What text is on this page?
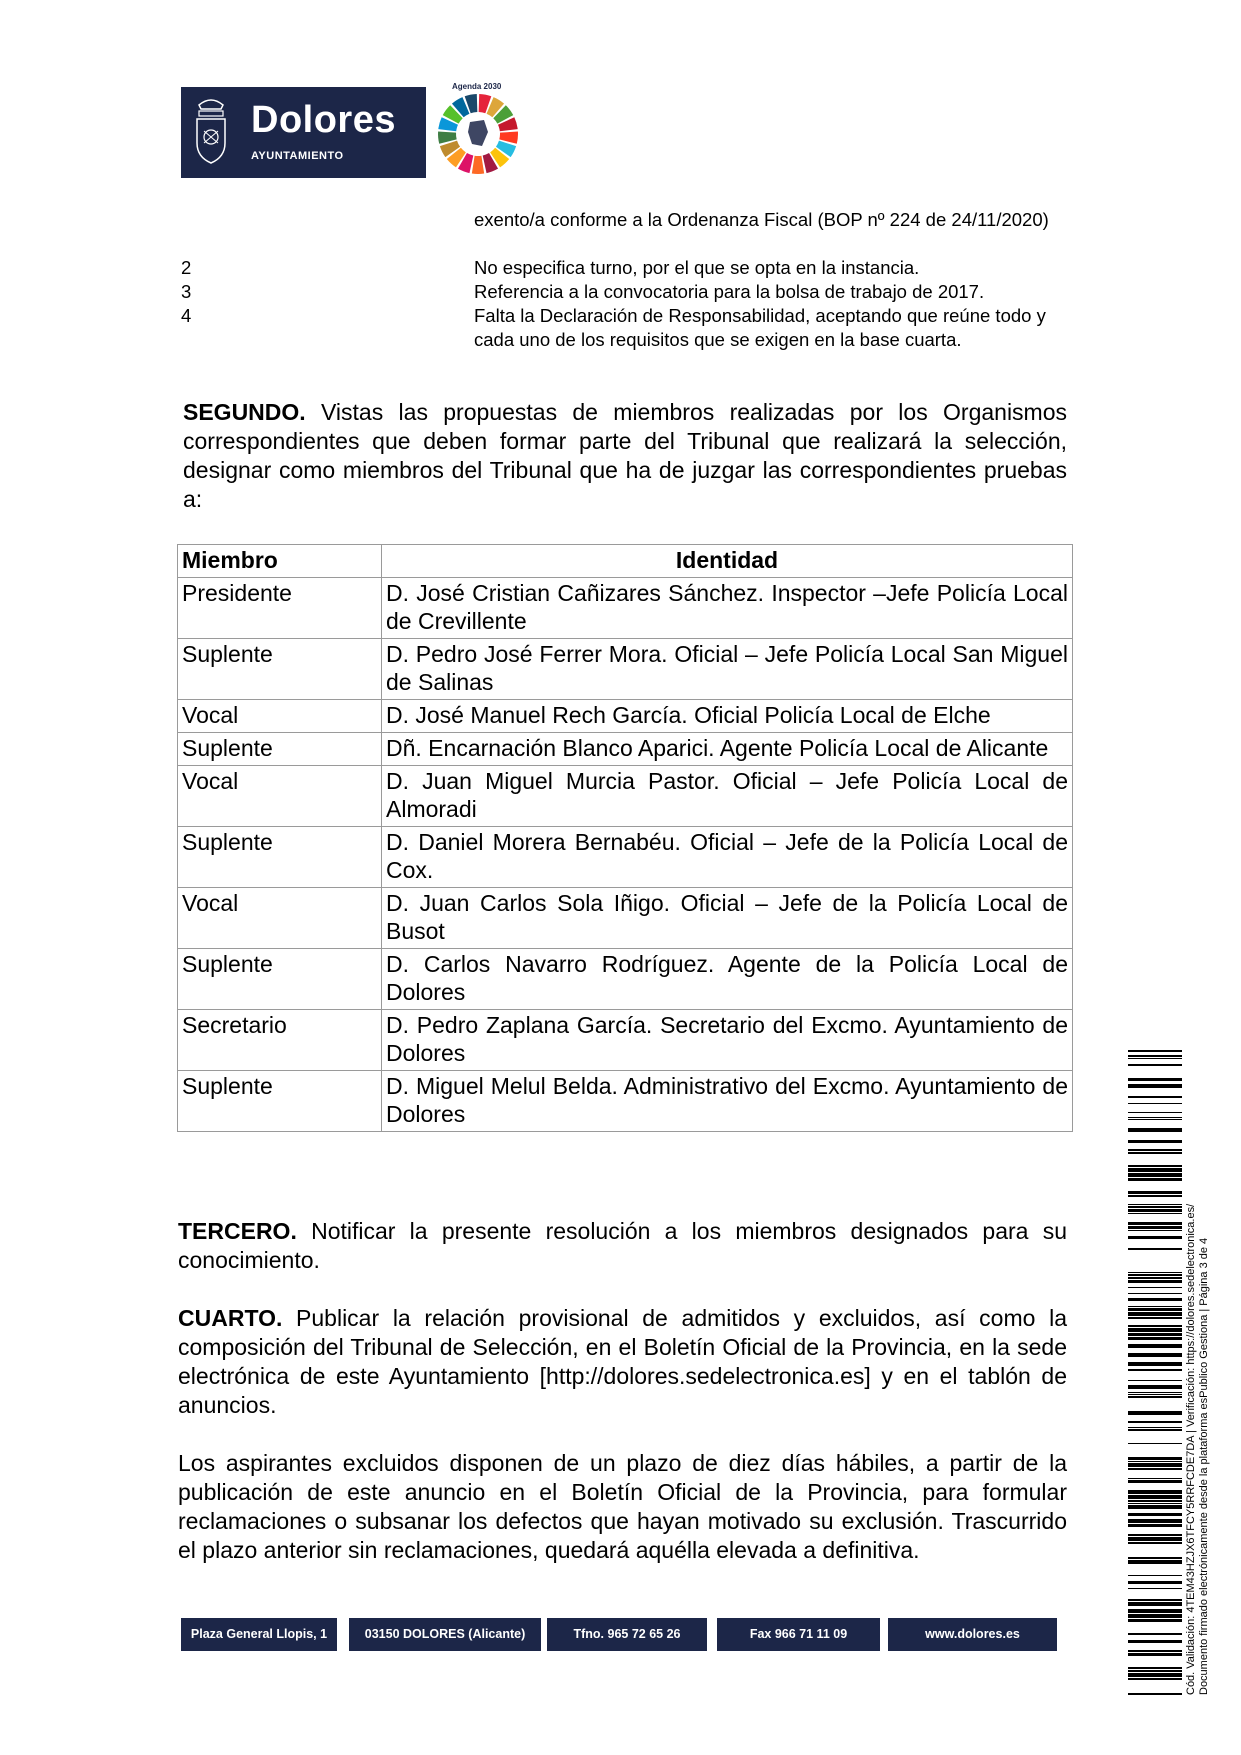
Dolores
AYUNTAMIENTO
Agenda 2030
exento/a conforme a la Ordenanza Fiscal (BOP nº 224 de 24/11/2020)
2	No especifica turno, por el que se opta en la instancia.
3	Referencia a la convocatoria para la bolsa de trabajo de 2017.
4	Falta la Declaración de Responsabilidad, aceptando que reúne todo y cada uno de los requisitos que se exigen en la base cuarta.
SEGUNDO. Vistas las propuestas de miembros realizadas por los Organismos correspondientes que deben formar parte del Tribunal que realizará la selección, designar como miembros del Tribunal que ha de juzgar las correspondientes pruebas a:
Miembro	Identidad
Presidente	D. José Cristian Cañizares Sánchez. Inspector –Jefe Policía Local de Crevillente
Suplente	D. Pedro José Ferrer Mora. Oficial – Jefe Policía Local San Miguel de Salinas
Vocal	D. José Manuel Rech García. Oficial Policía Local de Elche
Suplente	Dñ. Encarnación Blanco Aparici. Agente Policía Local de Alicante
Vocal	D. Juan Miguel Murcia Pastor. Oficial – Jefe Policía Local de Almoradi
Suplente	D. Daniel Morera Bernabéu. Oficial – Jefe de la Policía Local de Cox.
Vocal	D. Juan Carlos Sola Iñigo. Oficial – Jefe de la Policía Local de Busot
Suplente	D. Carlos Navarro Rodríguez. Agente de la Policía Local de Dolores
Secretario	D. Pedro Zaplana García. Secretario del Excmo. Ayuntamiento de Dolores
Suplente	D. Miguel Melul Belda. Administrativo del Excmo. Ayuntamiento de Dolores
TERCERO. Notificar la presente resolución a los miembros designados para su conocimiento.
CUARTO. Publicar la relación provisional de admitidos y excluidos, así como la composición del Tribunal de Selección, en el Boletín Oficial de la Provincia, en la sede electrónica de este Ayuntamiento [http://dolores.sedelectronica.es] y en el tablón de anuncios.
Los aspirantes excluidos disponen de un plazo de diez días hábiles, a partir de la publicación de este anuncio en el Boletín Oficial de la Provincia, para formular reclamaciones o subsanar los defectos que hayan motivado su exclusión. Trascurrido el plazo anterior sin reclamaciones, quedará aquélla elevada a definitiva.
Plaza General Llopis, 1	03150 DOLORES (Alicante)	Tfno. 965 72 65 26	Fax 966 71 11 09	www.dolores.es	Cód. Validación: 4TEM43HZJX6TFCY5RRFCDE7DA | Verificación: https://dolores.sedelectronica.es/ Documento firmado electrónicamente desde la plataforma esPublico Gestiona | Página 3 de 4
